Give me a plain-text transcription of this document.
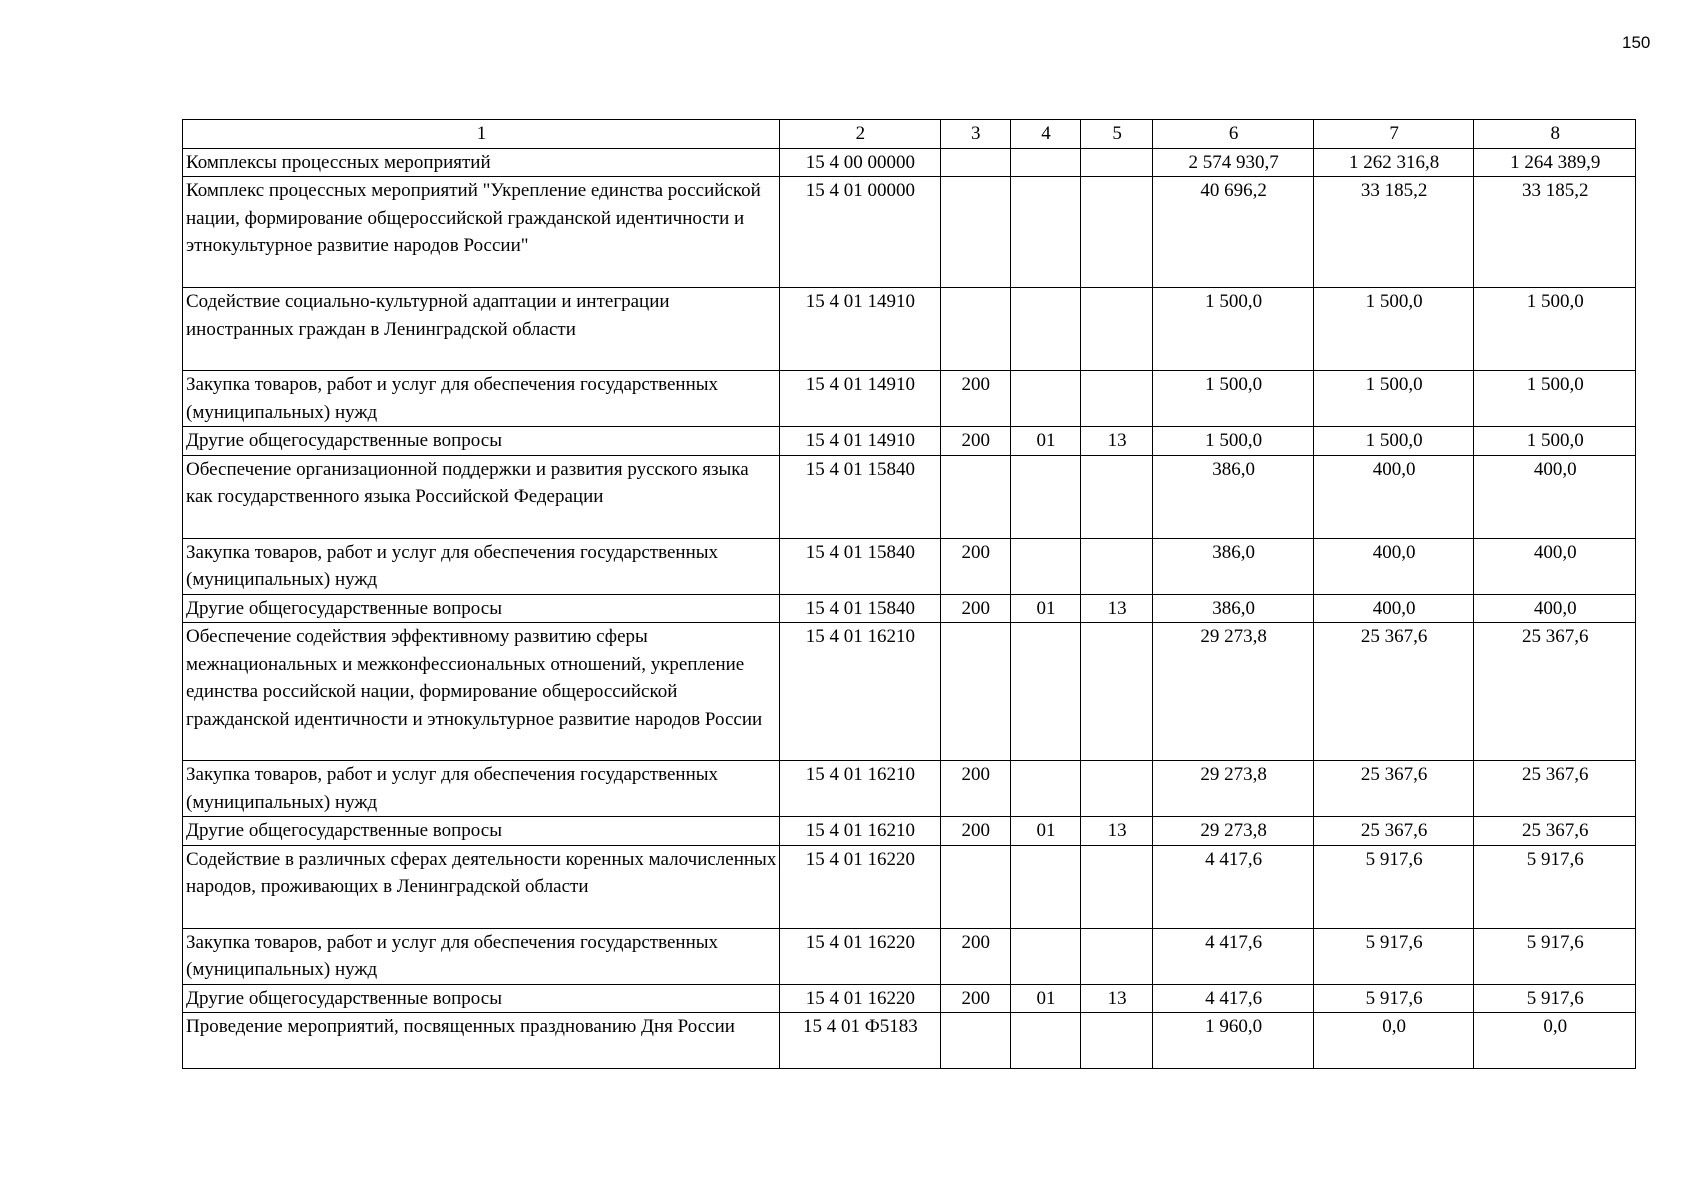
150
1	2	3	4	5	6	7	8
Комплексы процессных мероприятий	15 4 00 00000				2 574 930,7	1 262 316,8	1 264 389,9
Комплекс процессных мероприятий "Укрепление единства российской нации, формирование общероссийской гражданской идентичности и этнокультурное развитие народов России"	15 4 01 00000				40 696,2	33 185,2	33 185,2
Содействие социально-культурной адаптации и интеграции иностранных граждан в Ленинградской области	15 4 01 14910				1 500,0	1 500,0	1 500,0
Закупка товаров, работ и услуг для обеспечения государственных (муниципальных) нужд	15 4 01 14910	200			1 500,0	1 500,0	1 500,0
Другие общегосударственные вопросы	15 4 01 14910	200	01	13	1 500,0	1 500,0	1 500,0
Обеспечение организационной поддержки и развития русского языка как государственного языка Российской Федерации	15 4 01 15840				386,0	400,0	400,0
Закупка товаров, работ и услуг для обеспечения государственных (муниципальных) нужд	15 4 01 15840	200			386,0	400,0	400,0
Другие общегосударственные вопросы	15 4 01 15840	200	01	13	386,0	400,0	400,0
Обеспечение содействия эффективному развитию сферы межнациональных и межконфессиональных отношений, укрепление единства российской нации, формирование общероссийской гражданской идентичности и этнокультурное развитие народов России	15 4 01 16210				29 273,8	25 367,6	25 367,6
Закупка товаров, работ и услуг для обеспечения государственных (муниципальных) нужд	15 4 01 16210	200			29 273,8	25 367,6	25 367,6
Другие общегосударственные вопросы	15 4 01 16210	200	01	13	29 273,8	25 367,6	25 367,6
Содействие в различных сферах деятельности коренных малочисленных народов, проживающих в Ленинградской области	15 4 01 16220				4 417,6	5 917,6	5 917,6
Закупка товаров, работ и услуг для обеспечения государственных (муниципальных) нужд	15 4 01 16220	200			4 417,6	5 917,6	5 917,6
Другие общегосударственные вопросы	15 4 01 16220	200	01	13	4 417,6	5 917,6	5 917,6
Проведение мероприятий, посвященных празднованию Дня России	15 4 01 Ф5183				1 960,0	0,0	0,0
